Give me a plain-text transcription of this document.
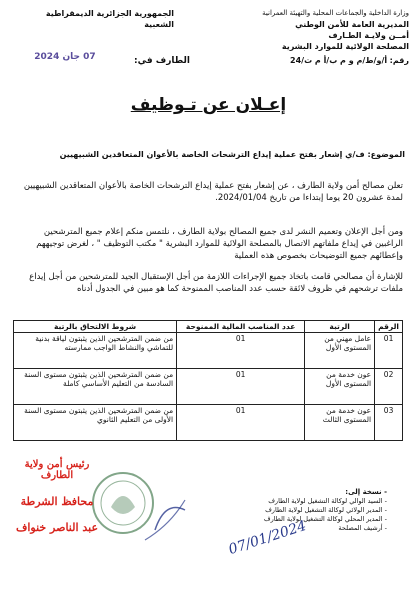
وزارة الداخلية والجماعات المحلية والتهيئة العمرانية
المديرية العامة للأمن الوطني
أمــن ولايـة الطـارف
المصلحة الولائية للموارد البشرية
رقم: أ/و/ط/م و م ب/أ م ت/24
الجمهورية الجزائرية الديمقراطية الشعبية
الطارف في:
07 جان 2024
إعـلان عن تـوظيف
الموضوع: ف/ي إشعار بفتح عملية إيداع الترشحات الخاصة بالأعوان المتعاقدين الشبيهيين
تعلن مصالح أمن ولاية الطارف ، عن إشعار بفتح عملية إيداع الترشحات الخاصة بالأعوان المتعاقدين الشبيهيين لمدة عشرون 20 يوما إبتداءا من تاريخ 2024/01/04.
ومن أجل الإعلان وتعميم النشر لدى جميع المصالح بولاية الطارف ، نلتمس منكم إعلام جميع المترشحين الراغبين في إيداع ملفاتهم الاتصال بالمصلحة الولائية للموارد البشرية " مكتب التوظيف " ، لغرض توجيههم وإعطائهم جميع التوضيحات بخصوص هذه العملية
للإشارة أن مصالحي قامت باتخاذ جميع الإجراءات اللازمة من أجل الإستقبال الجيد للمترشحين من أجل إيداع ملفات ترشحهم في ظروف لائقة حسب عدد المناصب الممنوحة كما هو مبين في الجدول أدناه
الرقم	الرتبة	عدد المناصب المالية الممنوحة	شروط الالتحاق بالرتبة
01	عامل مهني من المستوى الأول	01	من ضمن المترشحين الذين يثبتون لياقة بدنية للتماشي والنشاط الواجب ممارسته
02	عون خدمة من المستوى الأول	01	من ضمن المترشحين الذين يثبتون مستوى السنة السادسة من التعليم الأساسي كاملة
03	عون خدمة من المستوى الثالث	01	من ضمن المترشحين الذين يثبتون مستوى السنة الأولى من التعليم الثانوي
- نسخة إلى:
- السيد الوالي لوكالة التشغيل لولاية الطارف
- المدير الولائي لوكالة التشغيل لولاية الطارف
- المدير المحلي لوكالة التشغيل لولاية الطارف
- أرشيف المصلحة
رئيس أمن ولاية الطارف
محافظ الشرطة
عبد الناصر خنواف	07/01/2024
